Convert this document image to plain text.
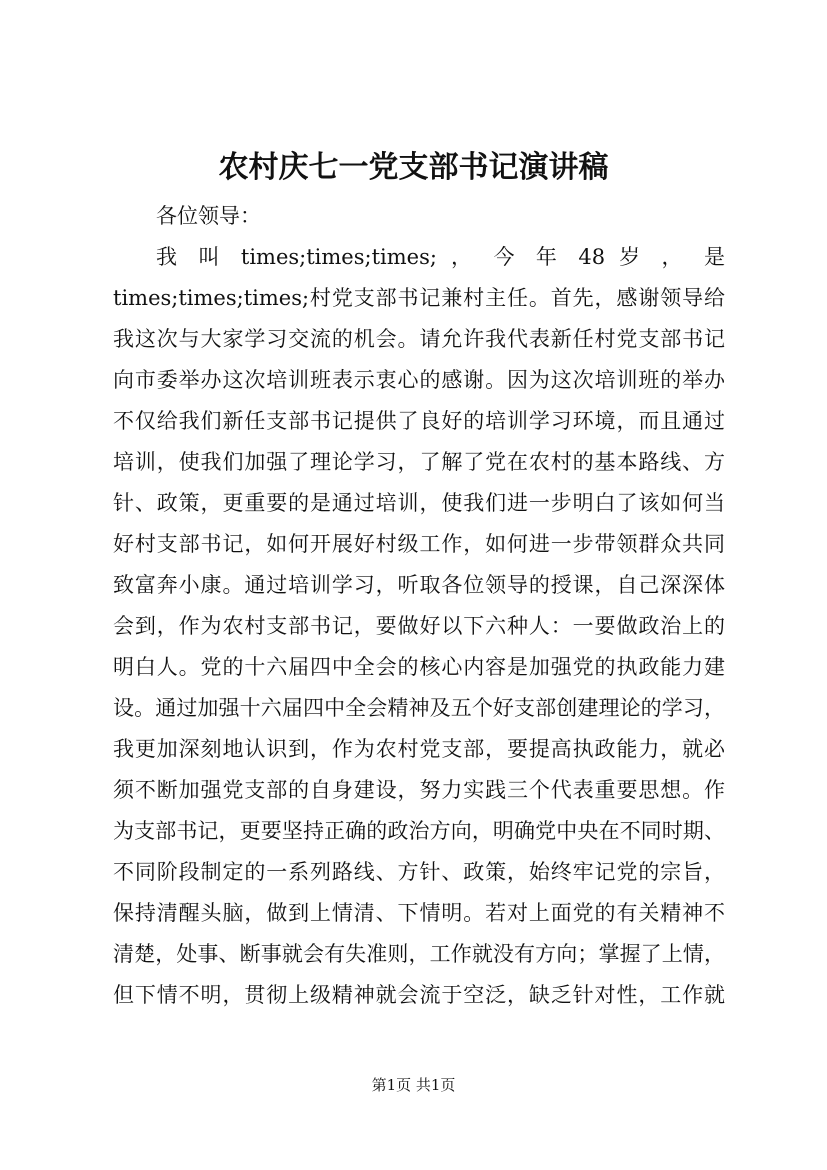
农村庆七一党支部书记演讲稿
各位领导：
我 叫 times;times;times; ， 今 年 48 岁 ， 是
times;times;times;村党支部书记兼村主任。首先，感谢领导给
我这次与大家学习交流的机会。请允许我代表新任村党支部书记
向市委举办这次培训班表示衷心的感谢。因为这次培训班的举办
不仅给我们新任支部书记提供了良好的培训学习环境，而且通过
培训，使我们加强了理论学习，了解了党在农村的基本路线、方
针、政策，更重要的是通过培训，使我们进一步明白了该如何当
好村支部书记，如何开展好村级工作，如何进一步带领群众共同
致富奔小康。通过培训学习，听取各位领导的授课，自己深深体
会到，作为农村支部书记，要做好以下六种人：一要做政治上的
明白人。党的十六届四中全会的核心内容是加强党的执政能力建
设。通过加强十六届四中全会精神及五个好支部创建理论的学习，
我更加深刻地认识到，作为农村党支部，要提高执政能力，就必
须不断加强党支部的自身建设，努力实践三个代表重要思想。作
为支部书记，更要坚持正确的政治方向，明确党中央在不同时期、
不同阶段制定的一系列路线、方针、政策，始终牢记党的宗旨，
保持清醒头脑，做到上情清、下情明。若对上面党的有关精神不
清楚，处事、断事就会有失准则，工作就没有方向；掌握了上情，
但下情不明，贯彻上级精神就会流于空泛，缺乏针对性，工作就
第1页 共1页
